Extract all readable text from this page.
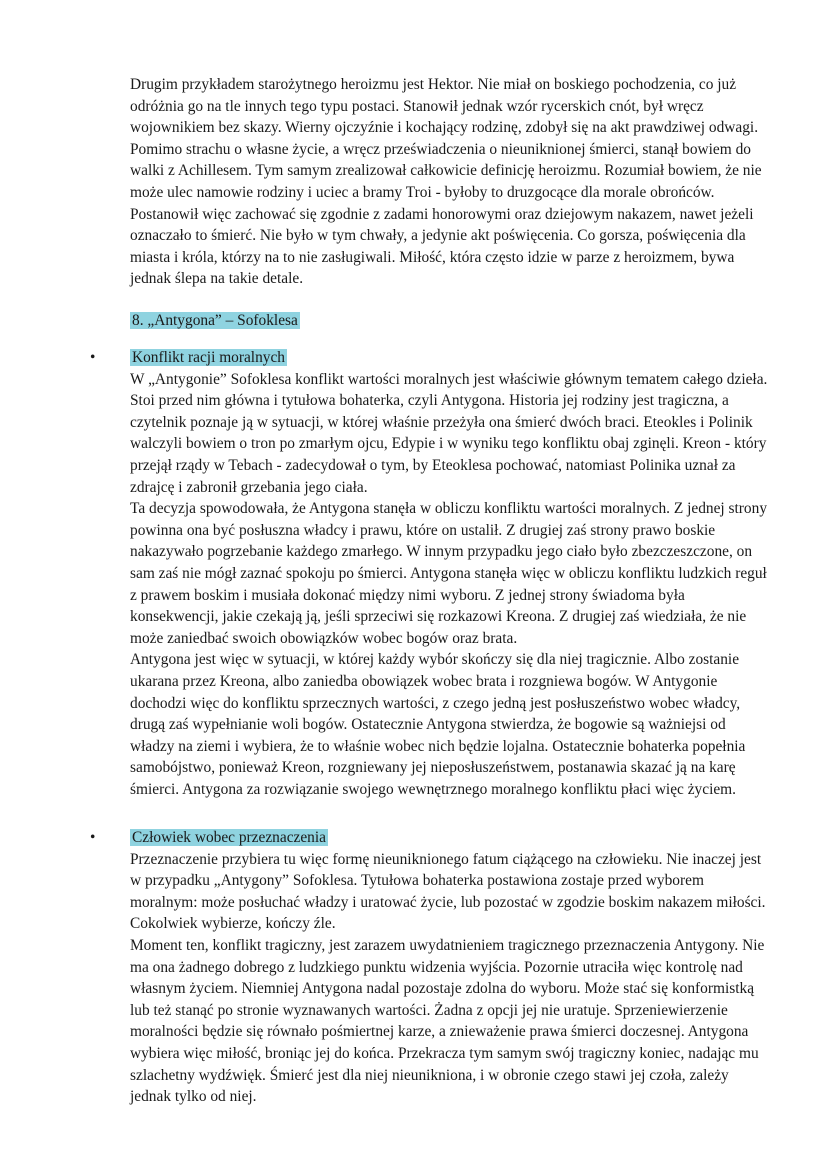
Drugim przykładem starożytnego heroizmu jest Hektor. Nie miał on boskiego pochodzenia, co już odróżnia go na tle innych tego typu postaci. Stanowił jednak wzór rycerskich cnót, był wręcz wojownikiem bez skazy. Wierny ojczyźnie i kochający rodzinę, zdobył się na akt prawdziwej odwagi. Pomimo strachu o własne życie, a wręcz przeświadczenia o nieuniknionej śmierci, stanął bowiem do walki z Achillesem. Tym samym zrealizował całkowicie definicję heroizmu. Rozumiał bowiem, że nie może ulec namowie rodziny i uciec a bramy Troi - byłoby to druzgocące dla morale obrońców. Postanowił więc zachować się zgodnie z zadami honorowymi oraz dziejowym nakazem, nawet jeżeli oznaczało to śmierć. Nie było w tym chwały, a jedynie akt poświęcenia. Co gorsza, poświęcenia dla miasta i króla, którzy na to nie zasługiwali. Miłość, która często idzie w parze z heroizmem, bywa jednak ślepa na takie detale.

8. „Antygona” – Sofoklesa
• Konflikt racji moralnych

W „Antygonie” Sofoklesa konflikt wartości moralnych jest właściwie głównym tematem całego dzieła. Stoi przed nim główna i tytułowa bohaterka, czyli Antygona. Historia jej rodziny jest tragiczna, a czytelnik poznaje ją w sytuacji, w której właśnie przeżyła ona śmierć dwóch braci. Eteokles i Polinik walczyli bowiem o tron po zmarłym ojcu, Edypie i w wyniku tego konfliktu obaj zginęli. Kreon - który przejął rządy w Tebach - zadecydował o tym, by Eteoklesa pochować, natomiast Polinika uznał za zdrajcę i zabronił grzebania jego ciała.

Ta decyzja spowodowała, że Antygona stanęła w obliczu konfliktu wartości moralnych. Z jednej strony powinna ona być posłuszna władcy i prawu, które on ustalił. Z drugiej zaś strony prawo boskie nakazywało pogrzebanie każdego zmarłego. W innym przypadku jego ciało było zbezczeszczone, on sam zaś nie mógł zaznać spokoju po śmierci. Antygona stanęła więc w obliczu konfliktu ludzkich reguł z prawem boskim i musiała dokonać między nimi wyboru. Z jednej strony świadoma była konsekwencji, jakie czekają ją, jeśli sprzeciwi się rozkazowi Kreona. Z drugiej zaś wiedziała, że nie może zaniedbać swoich obowiązków wobec bogów oraz brata.

Antygona jest więc w sytuacji, w której każdy wybór skończy się dla niej tragicznie. Albo zostanie ukarana przez Kreona, albo zaniedba obowiązek wobec brata i rozgniewa bogów. W Antygonie dochodzi więc do konfliktu sprzecznych wartości, z czego jedną jest posłuszeństwo wobec władcy, drugą zaś wypełnianie woli bogów. Ostatecznie Antygona stwierdza, że bogowie są ważniejsi od władzy na ziemi i wybiera, że to właśnie wobec nich będzie lojalna. Ostatecznie bohaterka popełnia samobójstwo, ponieważ Kreon, rozgniewany jej nieposłuszeństwem, postanawia skazać ją na karę śmierci. Antygona za rozwiązanie swojego wewnętrznego moralnego konfliktu płaci więc życiem.

• Człowiek wobec przeznaczenia

Przeznaczenie przybiera tu więc formę nieuniknionego fatum ciążącego na człowieku. Nie inaczej jest w przypadku „Antygony” Sofoklesa. Tytułowa bohaterka postawiona zostaje przed wyborem moralnym: może posłuchać władzy i uratować życie, lub pozostać w zgodzie boskim nakazem miłości. Cokolwiek wybierze, kończy źle.

Moment ten, konflikt tragiczny, jest zarazem uwydatnieniem tragicznego przeznaczenia Antygony. Nie ma ona żadnego dobrego z ludzkiego punktu widzenia wyjścia. Pozornie utraciła więc kontrolę nad własnym życiem. Niemniej Antygona nadal pozostaje zdolna do wyboru. Może stać się konformistką lub też stanąć po stronie wyznawanych wartości. Żadna z opcji jej nie uratuje. Sprzeniewierzenie moralności będzie się równało pośmiertnej karze, a znieważenie prawa śmierci doczesnej. Antygona wybiera więc miłość, broniąc jej do końca. Przekracza tym samym swój tragiczny koniec, nadając mu szlachetny wydźwięk. Śmierć jest dla niej nieunikniona, i w obronie czego stawi jej czoła, zależy jednak tylko od niej.
